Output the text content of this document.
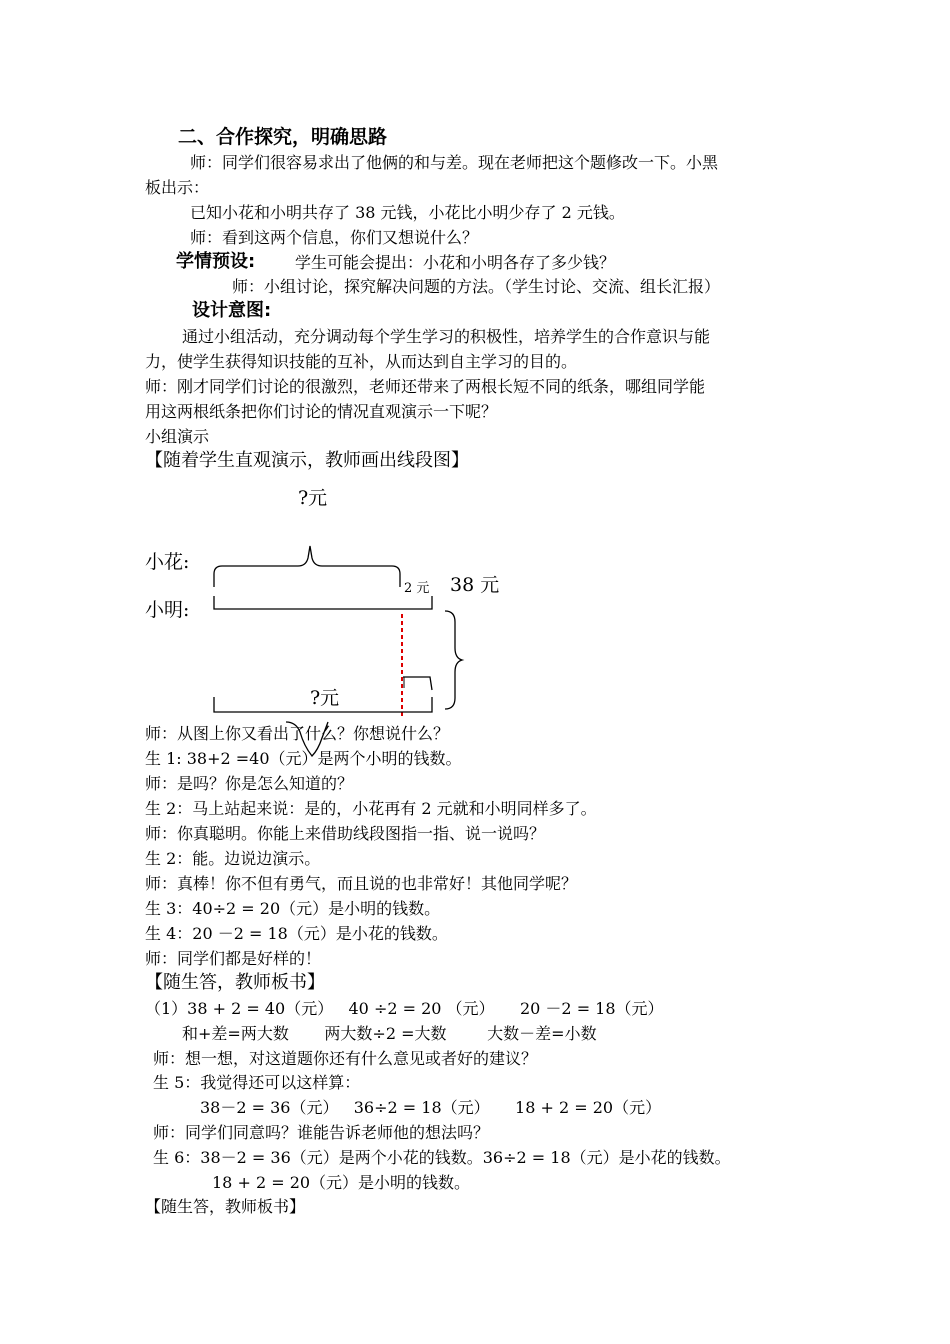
二、合作探究，明确思路
师：同学们很容易求出了他俩的和与差。现在老师把这个题修改一下。小黑
板出示：
已知小花和小明共存了 38 元钱，小花比小明少存了 2 元钱。
师：看到这两个信息，你们又想说什么？
学情预设: 学生可能会提出：小花和小明各存了多少钱？
师：小组讨论，探究解决问题的方法。（学生讨论、交流、组长汇报）
设计意图:
通过小组活动，充分调动每个学生学习的积极性，培养学生的合作意识与能
力，使学生获得知识技能的互补，从而达到自主学习的目的。
师：刚才同学们讨论的很激烈，老师还带来了两根长短不同的纸条，哪组同学能
用这两根纸条把你们讨论的情况直观演示一下呢？
小组演示
【随着学生直观演示，教师画出线段图】
?元
小花:
2 元 38 元
小明:
?元
师：从图上你又看出了什么？你想说什么？
生 1: 38+2 =40（元）是两个小明的钱数。
师：是吗？你是怎么知道的？
生 2：马上站起来说：是的，小花再有 2 元就和小明同样多了。
师：你真聪明。你能上来借助线段图指一指、说一说吗？
生 2：能。边说边演示。
师：真棒！你不但有勇气，而且说的也非常好！其他同学呢？
生 3：40÷2 = 20（元）是小明的钱数。
生 4：20 －2 = 18（元）是小花的钱数。
师：同学们都是好样的！
【随生答，教师板书】
（1）38 + 2 = 40（元）   40 ÷2 = 20 （元）     20 －2 = 18（元）
和+差=两大数       两大数÷2 =大数        大数－差=小数
师：想一想，对这道题你还有什么意见或者好的建议？
生 5：我觉得还可以这样算：
38－2 = 36（元）   36÷2 = 18（元）     18 + 2 = 20（元）
师：同学们同意吗？谁能告诉老师他的想法吗？
生 6：38－2 = 36（元）是两个小花的钱数。36÷2 = 18（元）是小花的钱数。
18 + 2 = 20（元）是小明的钱数。
【随生答，教师板书】
